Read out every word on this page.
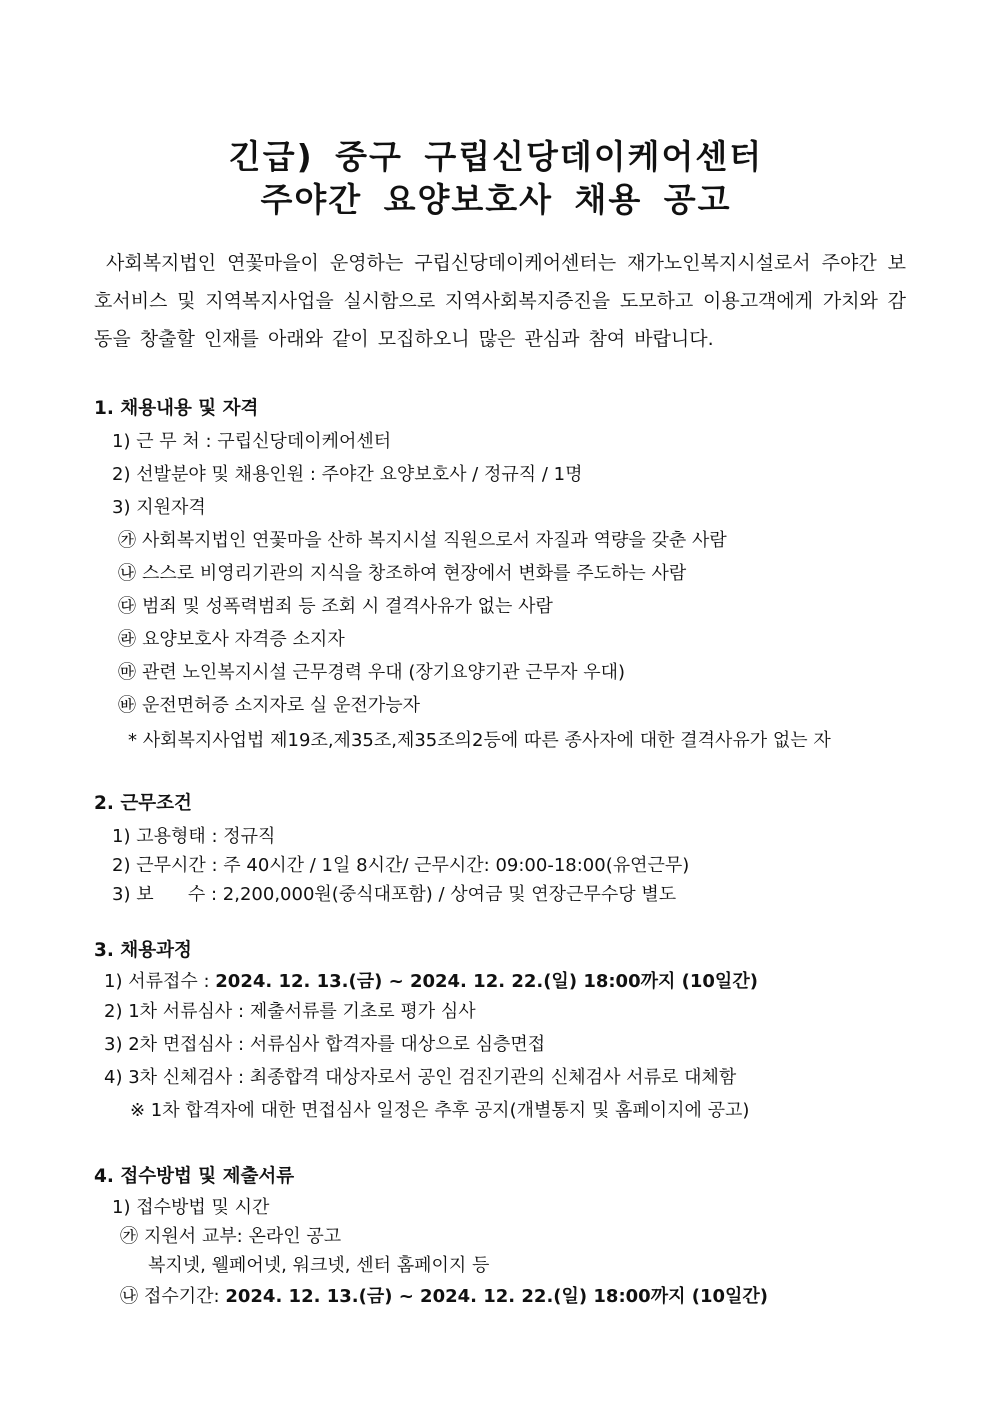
긴급) 중구 구립신당데이케어센터
주야간 요양보호사 채용 공고
사회복지법인 연꽃마을이 운영하는 구립신당데이케어센터는 재가노인복지시설로서 주야간 보호서비스 및 지역복지사업을 실시함으로 지역사회복지증진을 도모하고 이용고객에게 가치와 감동을 창출할 인재를 아래와 같이 모집하오니 많은 관심과 참여 바랍니다.
1. 채용내용 및 자격
1) 근 무 처 : 구립신당데이케어센터
2) 선발분야 및 채용인원 : 주야간 요양보호사 / 정규직 / 1명
3) 지원자격
㉮ 사회복지법인 연꽃마을 산하 복지시설 직원으로서 자질과 역량을 갖춘 사람
㉯ 스스로 비영리기관의 지식을 창조하여 현장에서 변화를 주도하는 사람
㉰ 범죄 및 성폭력범죄 등 조회 시 결격사유가 없는 사람
㉱ 요양보호사 자격증 소지자
㉲ 관련 노인복지시설 근무경력 우대 (장기요양기관 근무자 우대)
㉳ 운전면허증 소지자로 실 운전가능자
* 사회복지사업법 제19조,제35조,제35조의2등에 따른 종사자에 대한 결격사유가 없는 자
2. 근무조건
1) 고용형태 : 정규직
2) 근무시간 : 주 40시간 / 1일 8시간/ 근무시간: 09:00-18:00(유연근무)
3) 보      수 : 2,200,000원(중식대포함) / 상여금 및 연장근무수당 별도
3. 채용과정
1) 서류접수 : 2024. 12. 13.(금) ~ 2024. 12. 22.(일) 18:00까지 (10일간)
2) 1차 서류심사 : 제출서류를 기초로 평가 심사
3) 2차 면접심사 : 서류심사 합격자를 대상으로 심층면접
4) 3차 신체검사 : 최종합격 대상자로서 공인 검진기관의 신체검사 서류로 대체함
※ 1차 합격자에 대한 면접심사 일정은 추후 공지(개별통지 및 홈페이지에 공고)
4. 접수방법 및 제출서류
1) 접수방법 및 시간
㉮ 지원서 교부: 온라인 공고
복지넷, 웰페어넷, 워크넷, 센터 홈페이지 등
㉯ 접수기간: 2024. 12. 13.(금) ~ 2024. 12. 22.(일) 18:00까지 (10일간)
